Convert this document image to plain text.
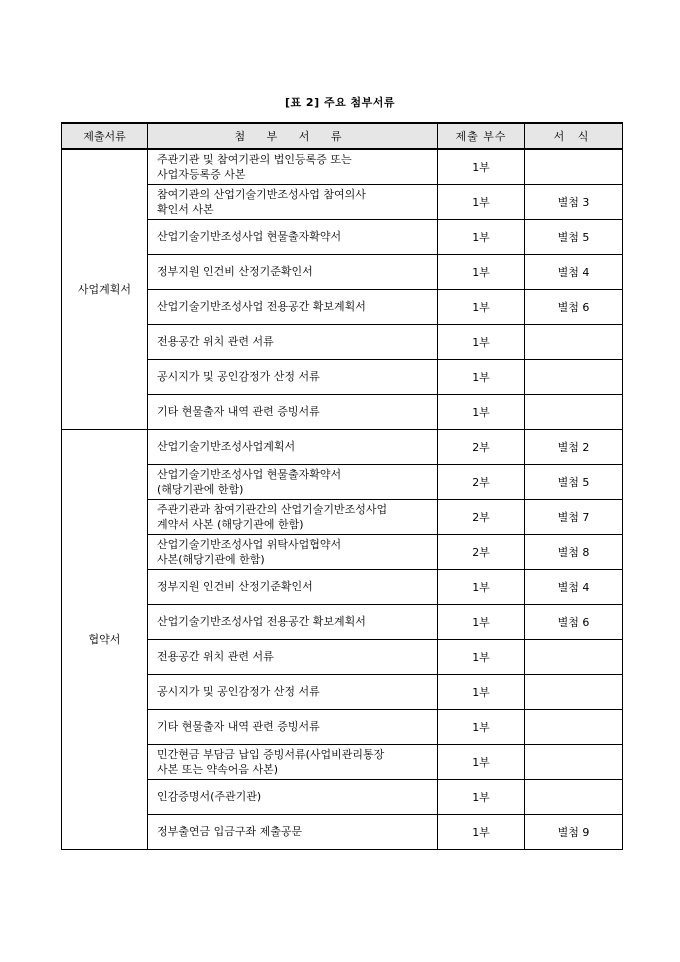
[표 2] 주요 첨부서류
제출서류	첨 부 서 류	제출 부수	서 식
사업계획서	주관기관 및 참여기관의 법인등록증 또는
사업자등록증 사본	1부	
	참여기관의 산업기술기반조성사업 참여의사
확인서 사본	1부	별첨 3
	산업기술기반조성사업 현물출자확약서	1부	별첨 5
	정부지원 인건비 산정기준확인서	1부	별첨 4
	산업기술기반조성사업 전용공간 확보계획서	1부	별첨 6
	전용공간 위치 관련 서류	1부	
	공시지가 및 공인감정가 산정 서류	1부	
	기타 현물출자 내역 관련 증빙서류	1부	
협약서	산업기술기반조성사업계획서	2부	별첨 2
	산업기술기반조성사업 현물출자확약서
(해당기관에 한함)	2부	별첨 5
	주관기관과 참여기관간의 산업기술기반조성사업
계약서 사본 (해당기관에 한함)	2부	별첨 7
	산업기술기반조성사업 위탁사업협약서
사본(해당기관에 한함)	2부	별첨 8
	정부지원 인건비 산정기준확인서	1부	별첨 4
	산업기술기반조성사업 전용공간 확보계획서	1부	별첨 6
	전용공간 위치 관련 서류	1부	
	공시지가 및 공인감정가 산정 서류	1부	
	기타 현물출자 내역 관련 증빙서류	1부	
	민간현금 부담금 납입 증빙서류(사업비관리통장
사본 또는 약속어음 사본)	1부	
	인감증명서(주관기관)	1부	
	정부출연금 입금구좌 제출공문	1부	별첨 9
